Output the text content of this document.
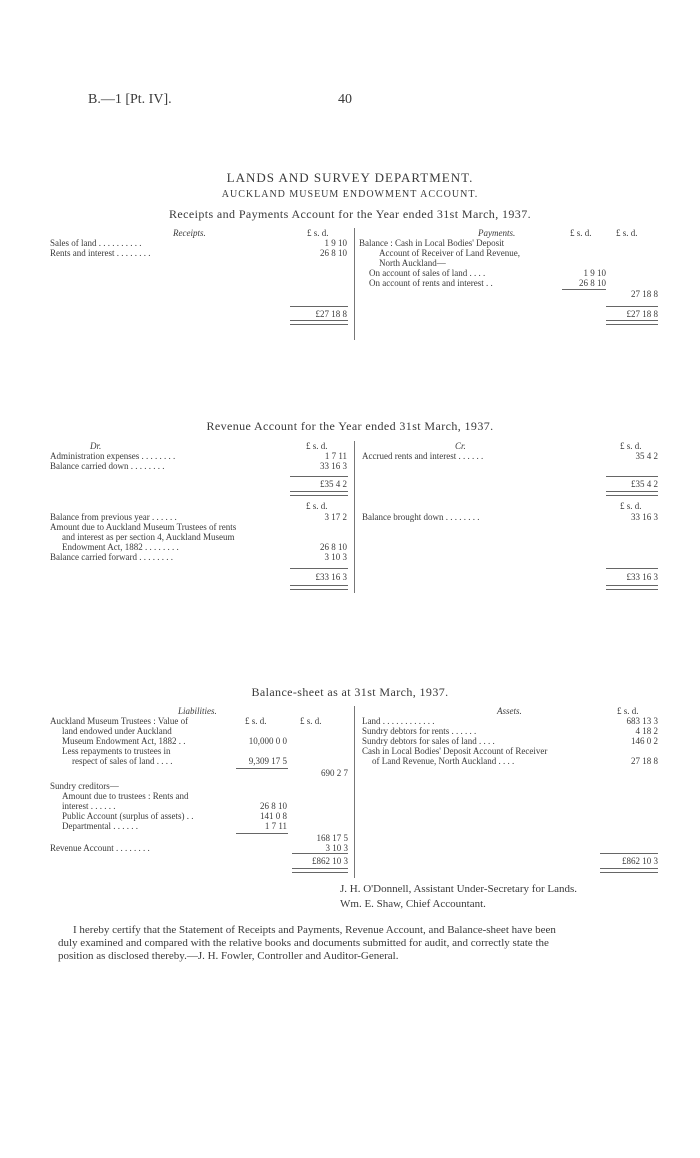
B.—1 [Pt. IV].	40
LANDS AND SURVEY DEPARTMENT.
AUCKLAND MUSEUM ENDOWMENT ACCOUNT.
Receipts and Payments Account for the Year ended 31st March, 1937.
Receipts.	£ s. d.
Sales of land . . . . . . . . . .	1 9 10
Rents and interest . . . . . . . .	26 8 10
£27 18 8
Payments.	£ s. d.	£ s. d.
Balance : Cash in Local Bodies' Deposit
Account of Receiver of Land Revenue,
North Auckland—
On account of sales of land . . . .	1 9 10
On account of rents and interest . .	26 8 10
27 18 8
£27 18 8
Revenue Account for the Year ended 31st March, 1937.
Dr.	£ s. d.	Cr.	£ s. d.
Administration expenses . . . . . . . .	1 7 11
Balance carried down . . . . . . . .	33 16 3
Accrued rents and interest . . . . . .	35 4 2
£35 4 2	£35 4 2
£ s. d.	£ s. d.
Balance from previous year . . . . . .	3 17 2
Amount due to Auckland Museum Trustees of rents
and interest as per section 4, Auckland Museum
Endowment Act, 1882 . . . . . . . .	26 8 10
Balance carried forward . . . . . . . .	3 10 3
Balance brought down . . . . . . . .	33 16 3
£33 16 3	£33 16 3
Balance-sheet as at 31st March, 1937.
Liabilities.	Assets.	£ s. d.
£ s. d.	£ s. d.
Auckland Museum Trustees : Value of
land endowed under Auckland
Museum Endowment Act, 1882 . .	10,000 0 0
Less repayments to trustees in
respect of sales of land . . . .	9,309 17 5
690 2 7
Sundry creditors—
Amount due to trustees : Rents and
interest . . . . . .	26 8 10
Public Account (surplus of assets) . .	141 0 8
Departmental . . . . . .	1 7 11
168 17 5
Revenue Account . . . . . . . .	3 10 3
Land . . . . . . . . . . . .	683 13 3
Sundry debtors for rents . . . . . .	4 18 2
Sundry debtors for sales of land . . . .	146 0 2
Cash in Local Bodies' Deposit Account of Receiver
of Land Revenue, North Auckland . . . .	27 18 8
£862 10 3	£862 10 3
J. H. O'Donnell, Assistant Under-Secretary for Lands.
Wm. E. Shaw, Chief Accountant.
I hereby certify that the Statement of Receipts and Payments, Revenue Account, and Balance-sheet have been
duly examined and compared with the relative books and documents submitted for audit, and correctly state the
position as disclosed thereby.—J. H. Fowler, Controller and Auditor-General.
